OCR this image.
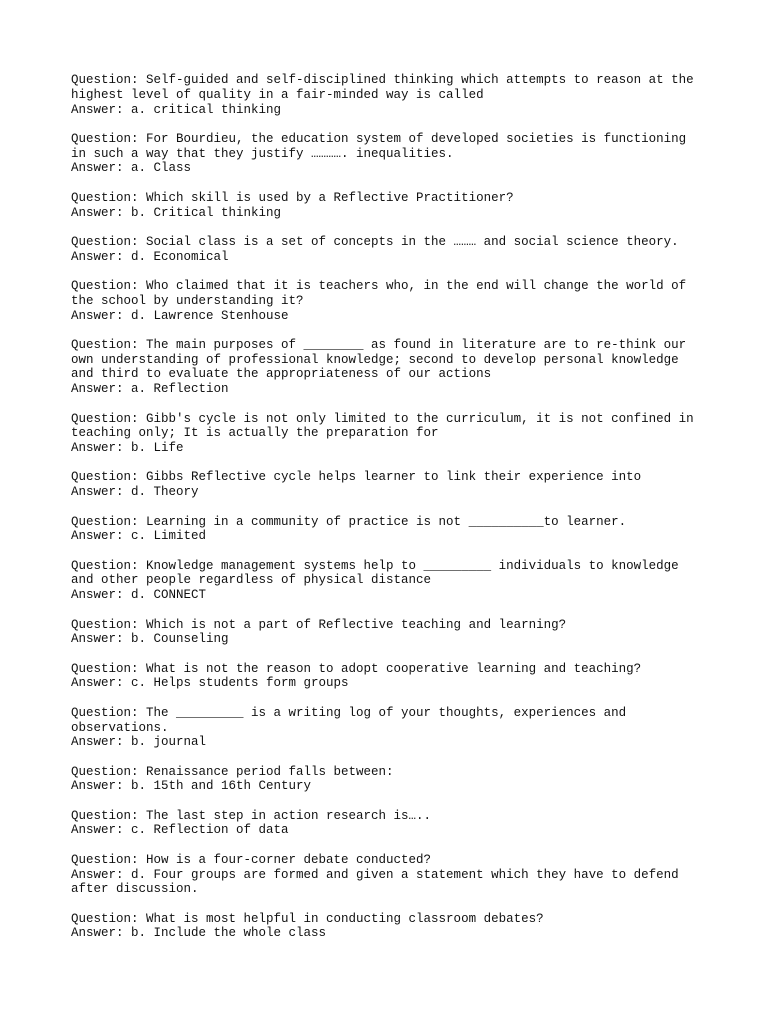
Question: Self-guided and self-disciplined thinking which attempts to reason at the
highest level of quality in a fair-minded way is called
Answer: a. critical thinking
Question: For Bourdieu, the education system of developed societies is functioning
in such a way that they justify …………. inequalities.
Answer: a. Class
Question: Which skill is used by a Reflective Practitioner?
Answer: b. Critical thinking
Question: Social class is a set of concepts in the ……… and social science theory.
Answer: d. Economical
Question: Who claimed that it is teachers who, in the end will change the world of
the school by understanding it?
Answer: d. Lawrence Stenhouse
Question: The main purposes of ________ as found in literature are to re-think our
own understanding of professional knowledge; second to develop personal knowledge
and third to evaluate the appropriateness of our actions
Answer: a. Reflection
Question: Gibb's cycle is not only limited to the curriculum, it is not confined in
teaching only; It is actually the preparation for
Answer: b. Life
Question: Gibbs Reflective cycle helps learner to link their experience into
Answer: d. Theory
Question: Learning in a community of practice is not __________to learner.
Answer: c. Limited
Question: Knowledge management systems help to _________ individuals to knowledge
and other people regardless of physical distance
Answer: d. CONNECT
Question: Which is not a part of Reflective teaching and learning?
Answer: b. Counseling
Question: What is not the reason to adopt cooperative learning and teaching?
Answer: c. Helps students form groups
Question: The _________ is a writing log of your thoughts, experiences and
observations.
Answer: b. journal
Question: Renaissance period falls between:
Answer: b. 15th and 16th Century
Question: The last step in action research is…..
Answer: c. Reflection of data
Question: How is a four-corner debate conducted?
Answer: d. Four groups are formed and given a statement which they have to defend
after discussion.
Question: What is most helpful in conducting classroom debates?
Answer: b. Include the whole class
